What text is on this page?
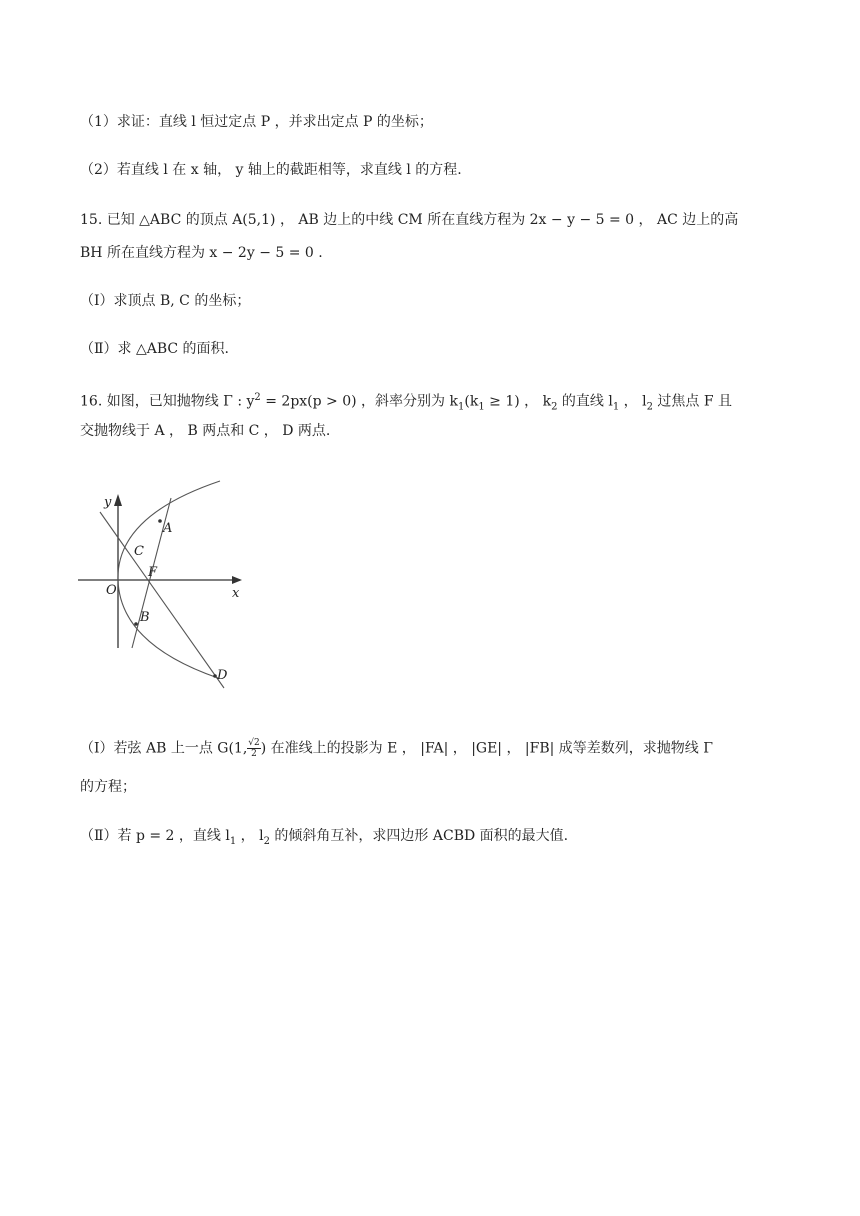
（1）求证：直线 l 恒过定点 P ，并求出定点 P 的坐标；
（2）若直线 l 在 x 轴， y 轴上的截距相等，求直线 l 的方程.
15. 已知 △ABC 的顶点 A(5,1) ， AB 边上的中线 CM 所在直线方程为 2x − y − 5 = 0 ， AC 边上的高
BH 所在直线方程为 x − 2y − 5 = 0 .
（Ⅰ）求顶点 B, C 的坐标；
（Ⅱ）求 △ABC 的面积.
16. 如图，已知抛物线 Γ : $y^2 = 2px(p > 0)$ ，斜率分别为 $k_1(k_1 \ge 1)$ ， $k_2$ 的直线 $l_1$ ， $l_2$ 过焦点 F 且
交抛物线于 A ， B 两点和 C ， D 两点.
y
x
O
A
C
F
B
D
（Ⅰ）若弦 AB 上一点 G(1, $\frac{√2}{2}$ ) 在准线上的投影为 E ， |FA| ， |GE| ， |FB| 成等差数列，求抛物线 Γ
的方程；
（Ⅱ）若 p = 2 ，直线 $l_1$ ， $l_2$ 的倾斜角互补，求四边形 ACBD 面积的最大值.
